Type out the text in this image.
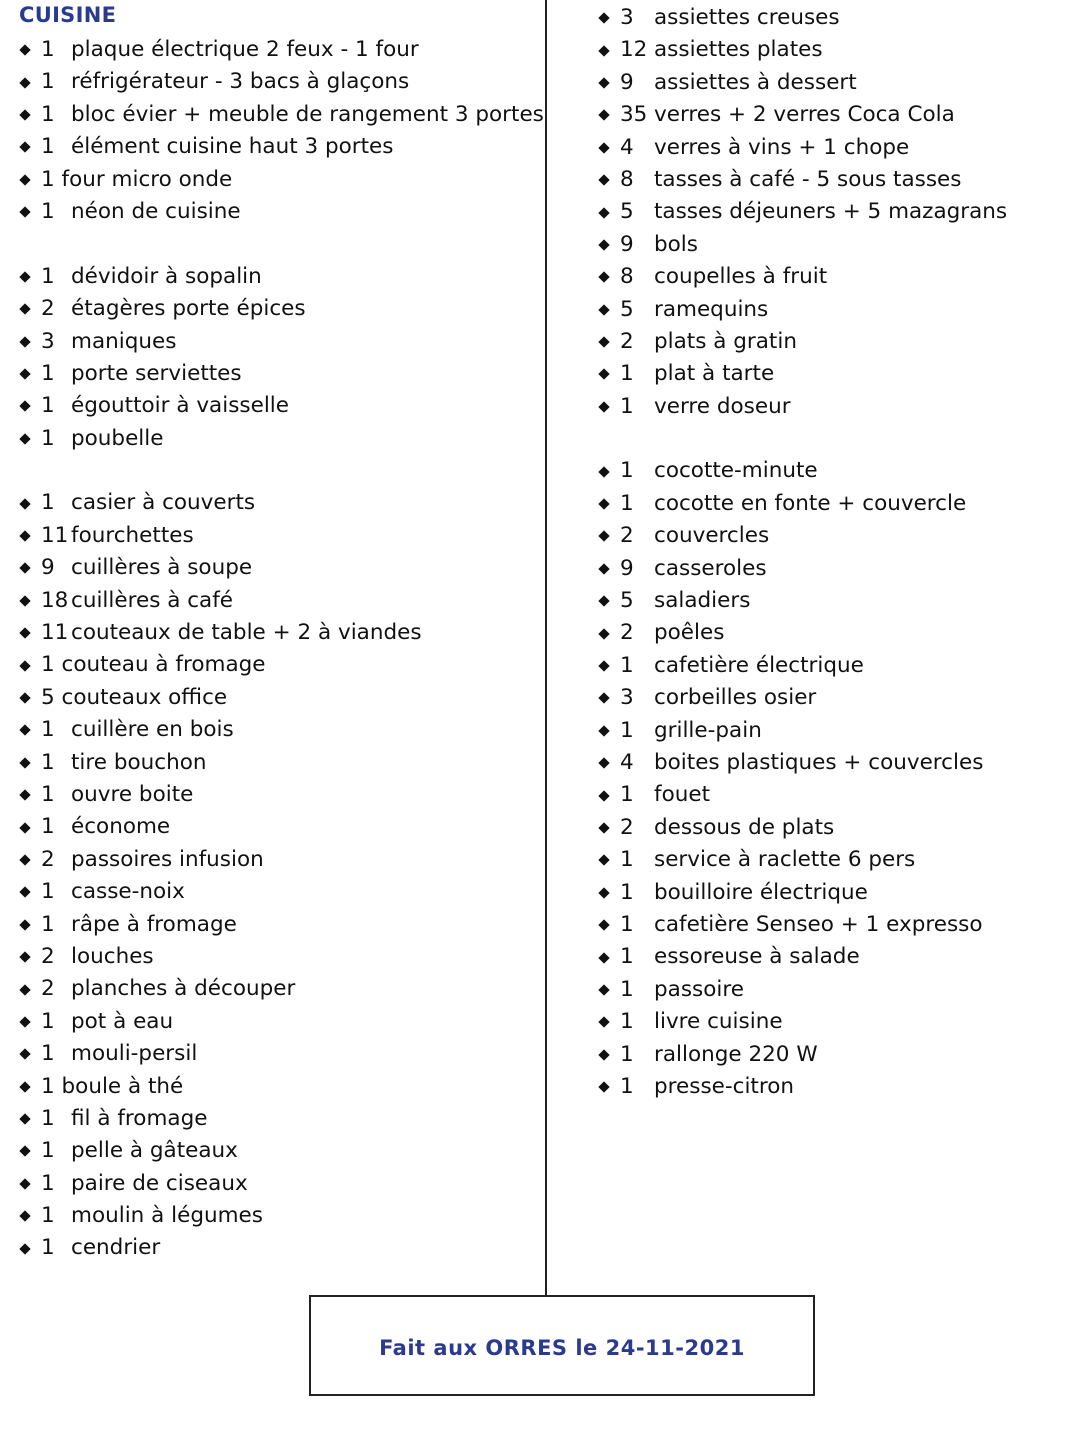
CUISINE
1 plaque électrique 2 feux - 1 four
1 réfrigérateur - 3 bacs à glaçons
1 bloc évier + meuble de rangement 3 portes
1 élément cuisine haut 3 portes
1 four micro onde
1 néon de cuisine
1 dévidoir à sopalin
2 étagères porte épices
3 maniques
1 porte serviettes
1 égouttoir à vaisselle
1 poubelle
1 casier à couverts
11 fourchettes
9 cuillères à soupe
18 cuillères à café
11 couteaux de table + 2 à viandes
1 couteau à fromage
5 couteaux office
1 cuillère en bois
1 tire bouchon
1 ouvre boite
1 économe
2 passoires infusion
1 casse-noix
1 râpe à fromage
2 louches
2 planches à découper
1 pot à eau
1 mouli-persil
1 boule à thé
1 fil à fromage
1 pelle à gâteaux
1 paire de ciseaux
1 moulin à légumes
1 cendrier
3 assiettes creuses
12 assiettes plates
9 assiettes à dessert
35 verres + 2 verres Coca Cola
4 verres à vins + 1 chope
8 tasses à café - 5 sous tasses
5 tasses déjeuners + 5 mazagrans
9 bols
8 coupelles à fruit
5 ramequins
2 plats à gratin
1 plat à tarte
1 verre doseur
1 cocotte-minute
1 cocotte en fonte + couvercle
2 couvercles
9 casseroles
5 saladiers
2 poêles
1 cafetière électrique
3 corbeilles osier
1 grille-pain
4 boites plastiques + couvercles
1 fouet
2 dessous de plats
1 service à raclette 6 pers
1 bouilloire électrique
1 cafetière Senseo + 1 expresso
1 essoreuse à salade
1 passoire
1 livre cuisine
1 rallonge 220 W
1 presse-citron
Fait aux ORRES le 24-11-2021
